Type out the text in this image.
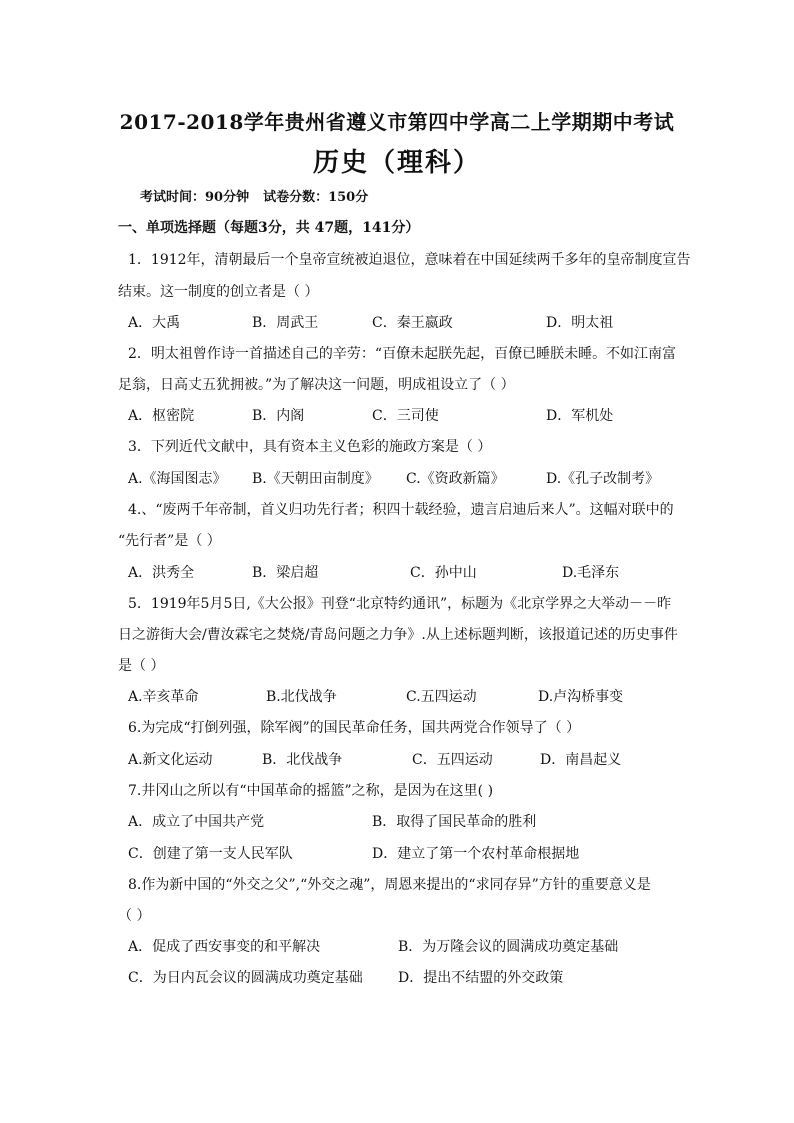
2017-2018学年贵州省遵义市第四中学高二上学期期中考试
历史（理科）
考试时间：90分钟 试卷分数：150分
一、单项选择题（每题3分，共 47题，141分）
1．1912年，清朝最后一个皇帝宣统被迫退位，意味着在中国延续两千多年的皇帝制度宣告
结束。这一制度的创立者是（ ）
A．大禹	B．周武王	C．秦王嬴政	D．明太祖
2．明太祖曾作诗一首描述自己的辛劳：“百僚未起朕先起，百僚已睡朕未睡。不如江南富
足翁，日高丈五犹拥被。”为了解决这一问题，明成祖设立了（ ）
A．枢密院	B．内阁	C．三司使	D．军机处
3．下列近代文献中，具有资本主义色彩的施政方案是（ ）
A.《海国图志》 B.《天朝田亩制度》 C.《资政新篇》	D.《孔子改制考》
4.、“废两千年帝制，首义归功先行者；积四十载经验，遗言启迪后来人”。这幅对联中的
“先行者”是（ ）
A．洪秀全	B．梁启超	C．孙中山	D.毛泽东
5．1919年5月5日,《大公报》刊登“北京特约通讯”，标题为《北京学界之大举动－－昨
日之游街大会/曹汝霖宅之焚烧/青岛问题之力争》.从上述标题判断，该报道记述的历史事件
是（ ）
A.辛亥革命	B.北伐战争	C.五四运动	D.卢沟桥事变
6.为完成“打倒列强，除军阀”的国民革命任务，国共两党合作领导了（ ）
A.新文化运动	B．北伐战争	C．五四运动	D．南昌起义
7.井冈山之所以有“中国革命的摇篮”之称，是因为在这里( )
A．成立了中国共产党	B．取得了国民革命的胜利
C．创建了第一支人民军队	D．建立了第一个农村革命根据地
8.作为新中国的“外交之父”,“外交之魂”，周恩来提出的“求同存异”方针的重要意义是
（ ）
A．促成了西安事变的和平解决	B．为万隆会议的圆满成功奠定基础
C．为日内瓦会议的圆满成功奠定基础	D．提出不结盟的外交政策
